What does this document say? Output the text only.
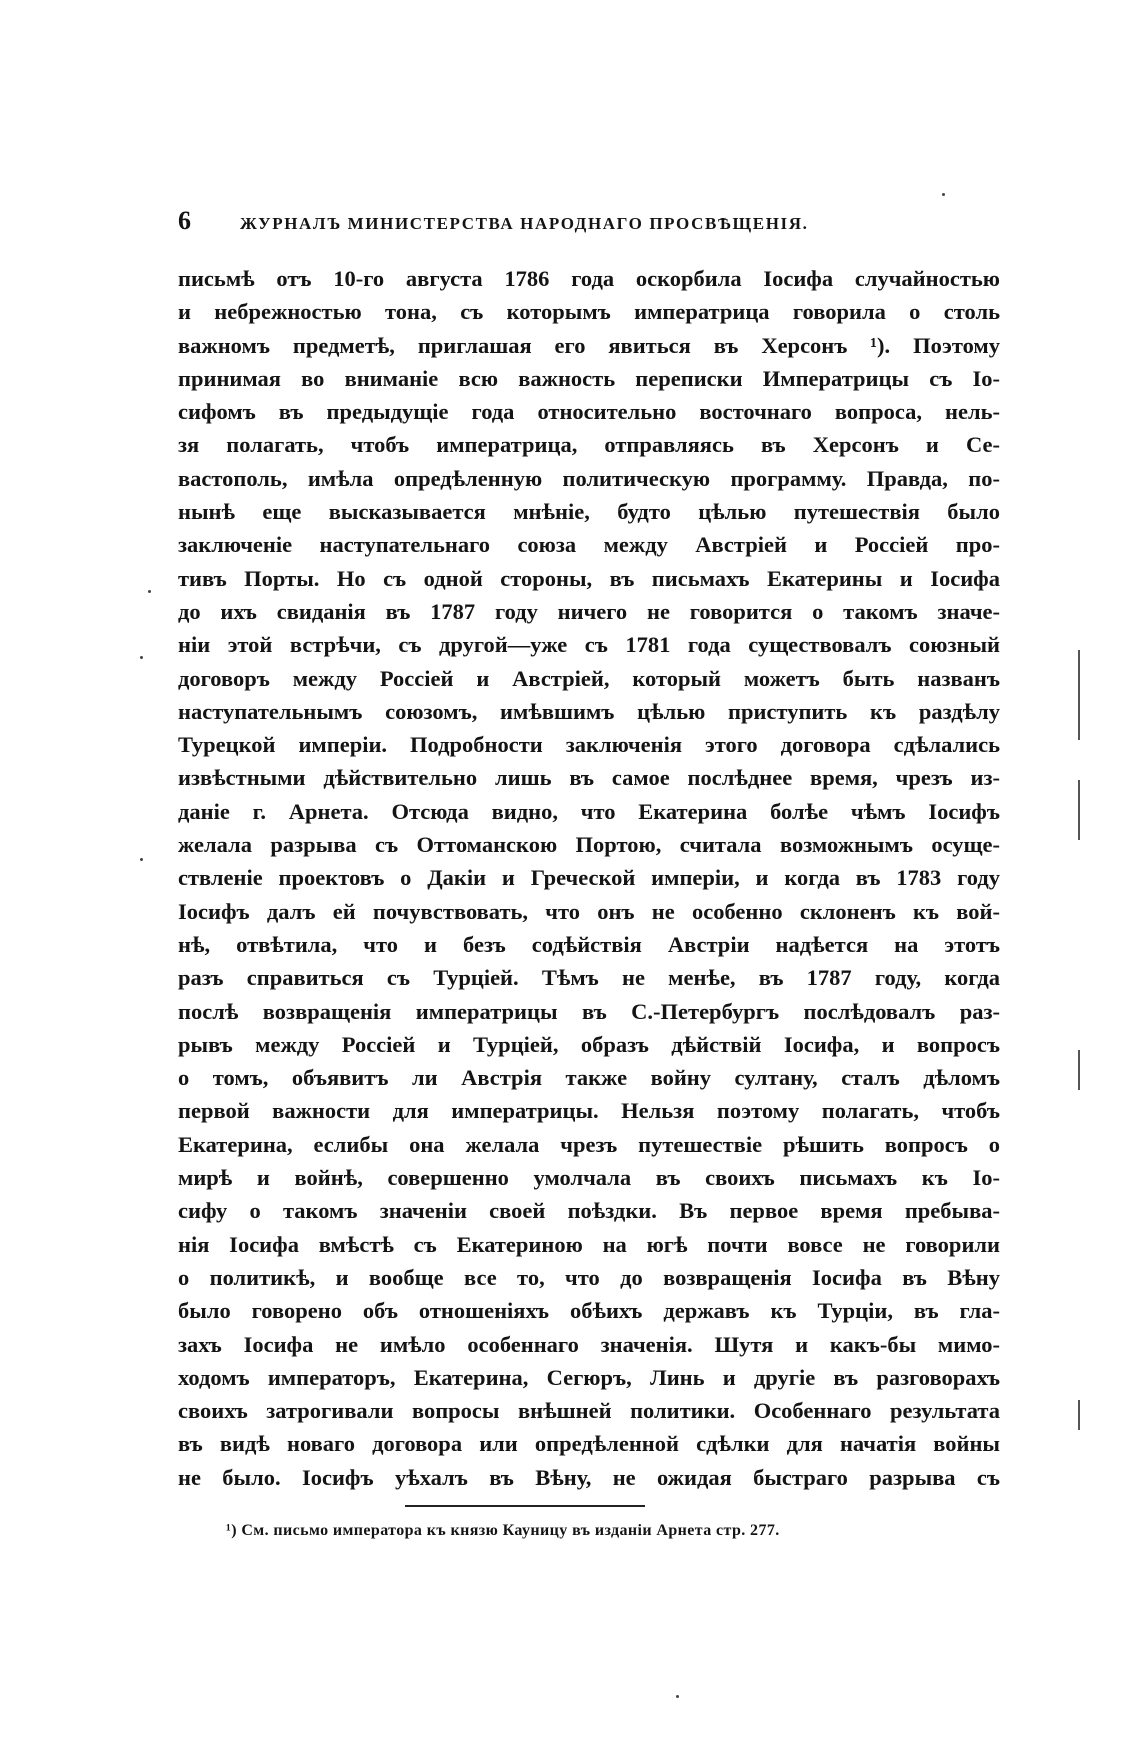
6	ЖУРНАЛЪ МИНИСТЕРСТВА НАРОДНАГО ПРОСВѢЩЕНІЯ.
письмѣ отъ 10-го августа 1786 года оскорбила Іосифа случайностью
и небрежностью тона, съ которымъ императрица говорила о столь
важномъ предметѣ, приглашая его явиться въ Херсонъ ¹). Поэтому
принимая во вниманіе всю важность переписки Императрицы съ Іо-
сифомъ въ предыдущіе года относительно восточнаго вопроса, нель-
зя полагать, чтобъ императрица, отправляясь въ Херсонъ и Се-
вастополь, имѣла опредѣленную политическую программу. Правда, по-
нынѣ еще высказывается мнѣніе, будто цѣлью путешествія было
заключеніе наступательнаго союза между Австріей и Россіей про-
тивъ Порты. Но съ одной стороны, въ письмахъ Екатерины и Іосифа
до ихъ свиданія въ 1787 году ничего не говорится о такомъ значе-
ніи этой встрѣчи, съ другой—уже съ 1781 года существовалъ союзный
договоръ между Россіей и Австріей, который можетъ быть названъ
наступательнымъ союзомъ, имѣвшимъ цѣлью приступить къ раздѣлу
Турецкой имперіи. Подробности заключенія этого договора сдѣлались
извѣстными дѣйствительно лишь въ самое послѣднее время, чрезъ из-
даніе г. Арнета. Отсюда видно, что Екатерина болѣе чѣмъ Іосифъ
желала разрыва съ Оттоманскою Портою, считала возможнымъ осуще-
ствленіе проектовъ о Дакіи и Греческой имперіи, и когда въ 1783 году
Іосифъ далъ ей почувствовать, что онъ не особенно склоненъ къ вой-
нѣ, отвѣтила, что и безъ содѣйствія Австріи надѣется на этотъ
разъ справиться съ Турціей. Тѣмъ не менѣе, въ 1787 году, когда
послѣ возвращенія императрицы въ С.-Петербургъ послѣдовалъ раз-
рывъ между Россіей и Турціей, образъ дѣйствій Іосифа, и вопросъ
о томъ, объявитъ ли Австрія также войну султану, сталъ дѣломъ
первой важности для императрицы. Нельзя поэтому полагать, чтобъ
Екатерина, еслибы она желала чрезъ путешествіе рѣшить вопросъ о
мирѣ и войнѣ, совершенно умолчала въ своихъ письмахъ къ Іо-
сифу о такомъ значеніи своей поѣздки. Въ первое время пребыва-
нія Іосифа вмѣстѣ съ Екатериною на югѣ почти вовсе не говорили
о политикѣ, и вообще все то, что до возвращенія Іосифа въ Вѣну
было говорено объ отношеніяхъ обѣихъ державъ къ Турціи, въ гла-
захъ Іосифа не имѣло особеннаго значенія. Шутя и какъ-бы мимо-
ходомъ императоръ, Екатерина, Сегюръ, Линь и другіе въ разговорахъ
своихъ затрогивали вопросы внѣшней политики. Особеннаго результата
въ видѣ новаго договора или опредѣленной сдѣлки для начатія войны
не было. Іосифъ уѣхалъ въ Вѣну, не ожидая быстраго разрыва съ
¹) См. письмо императора къ князю Кауницу въ изданіи Арнета стр. 277.
